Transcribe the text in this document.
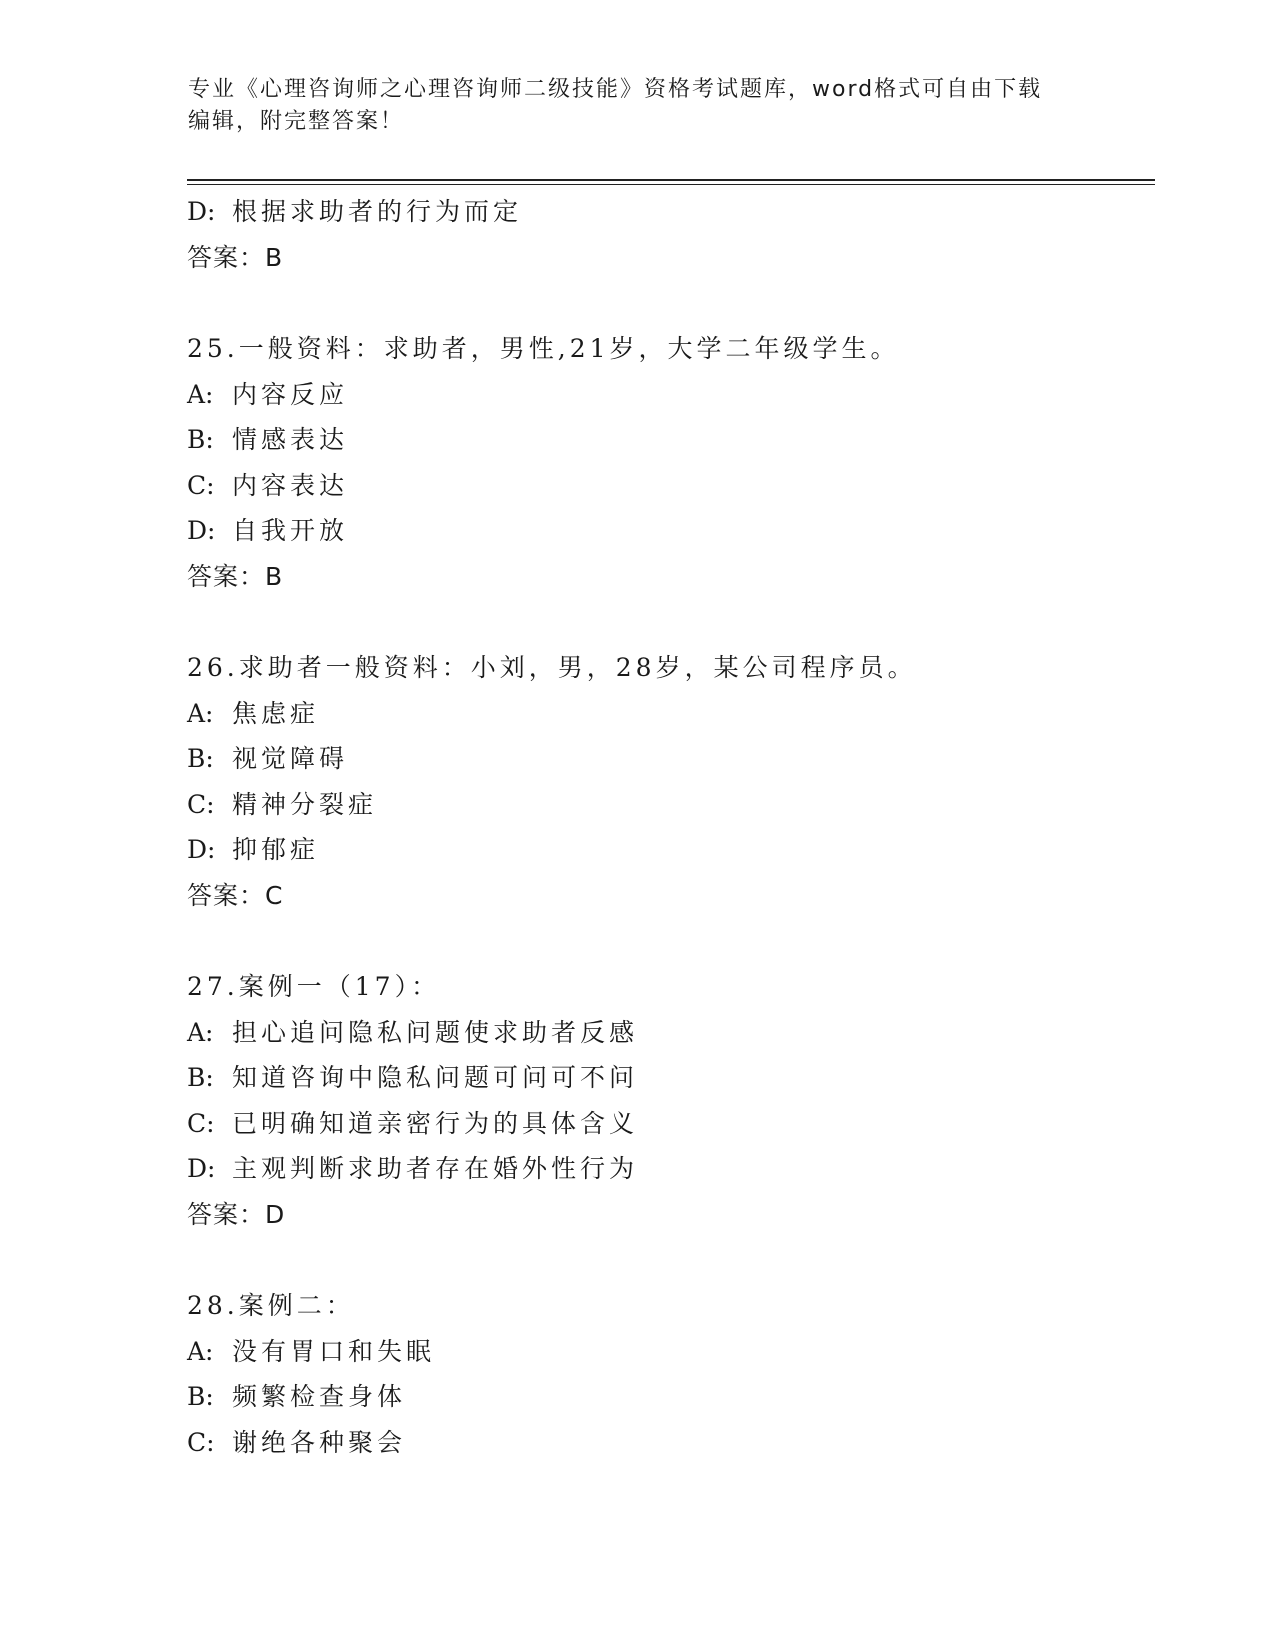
专业《心理咨询师之心理咨询师二级技能》资格考试题库，word格式可自由下载
编辑，附完整答案！
D: 根据求助者的行为而定
答案：B
25.一般资料：求助者，男性,21岁，大学二年级学生。
A: 内容反应
B: 情感表达
C: 内容表达
D: 自我开放
答案：B
26.求助者一般资料：小刘，男，28岁，某公司程序员。
A: 焦虑症
B: 视觉障碍
C: 精神分裂症
D: 抑郁症
答案：C
27.案例一（17）：
A: 担心追问隐私问题使求助者反感
B: 知道咨询中隐私问题可问可不问
C: 已明确知道亲密行为的具体含义
D: 主观判断求助者存在婚外性行为
答案：D
28.案例二：
A: 没有胃口和失眠
B: 频繁检查身体
C: 谢绝各种聚会
